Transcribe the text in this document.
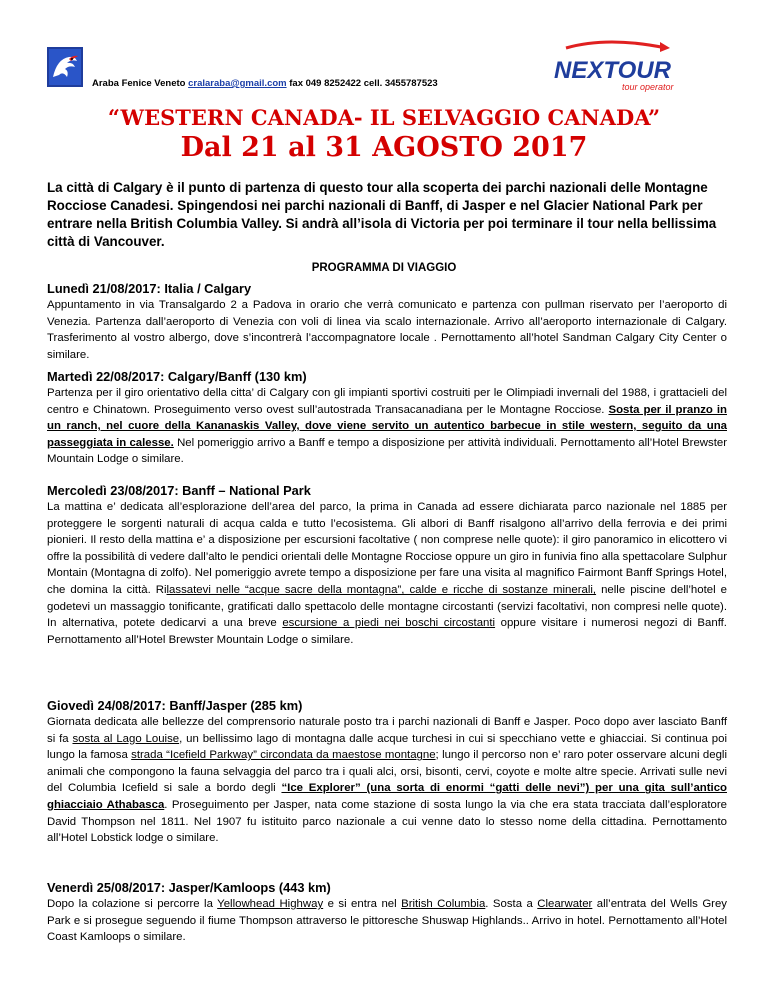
Araba Fenice Veneto cralaraba@gmail.com fax 049 8252422 cell. 3455787523	NEXTOUR
tour operator
“WESTERN CANADA- IL SELVAGGIO CANADA”
Dal 21 al 31 AGOSTO 2017
La città di Calgary è il punto di partenza di questo tour alla scoperta dei parchi nazionali delle Montagne Rocciose Canadesi. Spingendosi nei parchi nazionali di Banff, di Jasper e nel Glacier National Park per entrare nella British Columbia Valley. Si andrà all’isola di Victoria per poi terminare il tour nella bellissima città di Vancouver.
PROGRAMMA DI VIAGGIO
Lunedì 21/08/2017: Italia / Calgary

Appuntamento in via Transalgardo 2 a Padova in orario che verrà comunicato e partenza con pullman riservato per l’aeroporto di Venezia. Partenza dall’aeroporto di Venezia con voli di linea via scalo internazionale. Arrivo all’aeroporto internazionale di Calgary. Trasferimento al vostro albergo, dove s’incontrerà l’accompagnatore locale . Pernottamento all’hotel Sandman Calgary City Center o similare.

Martedì 22/08/2017: Calgary/Banff (130 km)

Partenza per il giro orientativo della citta’ di Calgary con gli impianti sportivi costruiti per le Olimpiadi invernali del 1988, i grattacieli del centro e Chinatown. Proseguimento verso ovest sull’autostrada Transacanadiana per le Montagne Rocciose. Sosta per il pranzo in un ranch, nel cuore della Kananaskis Valley, dove viene servito un autentico barbecue in stile western, seguito da una passeggiata in calesse. Nel pomeriggio arrivo a Banff e tempo a disposizione per attività individuali. Pernottamento all’Hotel Brewster Mountain Lodge o similare.

Mercoledì 23/08/2017: Banff – National Park

La mattina e’ dedicata all’esplorazione dell’area del parco, la prima in Canada ad essere dichiarata parco nazionale nel 1885 per proteggere le sorgenti naturali di acqua calda e tutto l’ecosistema. Gli albori di Banff risalgono all’arrivo della ferrovia e dei primi pionieri. Il resto della mattina e’ a disposizione per escursioni facoltative ( non comprese nelle quote): il giro panoramico in elicottero vi offre la possibilità di vedere dall’alto le pendici orientali delle Montagne Rocciose oppure un giro in funivia fino alla spettacolare Sulphur Montain (Montagna di zolfo). Nel pomeriggio avrete tempo a disposizione per fare una visita al magnifico Fairmont Banff Springs Hotel, che domina la città. Rilassatevi nelle “acque sacre della montagna”, calde e ricche di sostanze minerali, nelle piscine dell’hotel e godetevi un massaggio tonificante, gratificati dallo spettacolo delle montagne circostanti (servizi facoltativi, non compresi nelle quote). In alternativa, potete dedicarvi a una breve escursione a piedi nei boschi circostanti oppure visitare i numerosi negozi di Banff. Pernottamento all’Hotel Brewster Mountain Lodge o similare.

Giovedì 24/08/2017: Banff/Jasper (285 km)

Giornata dedicata alle bellezze del comprensorio naturale posto tra i parchi nazionali di Banff e Jasper. Poco dopo aver lasciato Banff si fa sosta al Lago Louise, un bellissimo lago di montagna dalle acque turchesi in cui si specchiano vette e ghiacciai. Si continua poi lungo la famosa strada “Icefield Parkway” circondata da maestose montagne; lungo il percorso non e’ raro poter osservare alcuni degli animali che compongono la fauna selvaggia del parco tra i quali alci, orsi, bisonti, cervi, coyote e molte altre specie. Arrivati sulle nevi del Columbia Icefield si sale a bordo degli “Ice Explorer” (una sorta di enormi “gatti delle nevi”) per una gita sull’antico ghiacciaio Athabasca. Proseguimento per Jasper, nata come stazione di sosta lungo la via che era stata tracciata dall’esploratore David Thompson nel 1811. Nel 1907 fu istituito parco nazionale a cui venne dato lo stesso nome della cittadina. Pernottamento all’Hotel Lobstick lodge o similare.

Venerdì 25/08/2017: Jasper/Kamloops (443 km)

Dopo la colazione si percorre la Yellowhead Highway e si entra nel British Columbia. Sosta a Clearwater all’entrata del Wells Grey Park e si prosegue seguendo il fiume Thompson attraverso le pittoresche Shuswap Highlands.. Arrivo in hotel. Pernottamento all’Hotel Coast Kamloops o similare.
